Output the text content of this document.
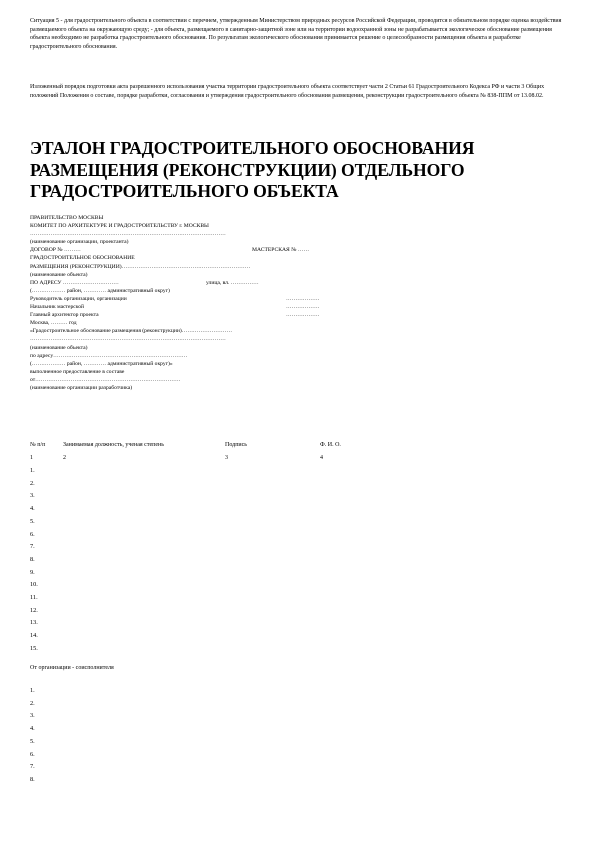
Ситуация 5 - для градостроительного объекта в соответствии с перечнем, утвержденным Министерством природных ресурсов Российской Федерации, проводится в обязательном порядке оценка воздействия размещаемого объекта на окружающую среду; - для объекта, размещаемого в санитарно-защитной зоне или на территории водоохранной зоны не разрабатывается экологическое обоснование размещения объекта необходимо не разработка градостроительного обоснования. По результатам экологического обоснования принимается решение о целесообразности размещения объекта и разработке градостроительного обоснования.

Изложенный порядок подготовки акта разрешенного использования участка территории градостроительного объекта соответствует части 2 Статьи 61 Градостроительного Кодекса РФ и части 3 Общих положений Положения о составе, порядке разработки, согласования и утверждения градостроительного обоснования размещения, реконструкции градостроительного объекта № 838-ППМ от 13.08.02.

ЭТАЛОН ГРАДОСТРОИТЕЛЬНОГО ОБОСНОВАНИЯ РАЗМЕЩЕНИЯ (РЕКОНСТРУКЦИИ) ОТДЕЛЬНОГО ГРАДОСТРОИТЕЛЬНОГО ОБЪЕКТА
ПРАВИТЕЛЬСТВО МОСКВЫ
КОМИТЕТ ПО АРХИТЕКТУРЕ И ГРАДОСТРОИТЕЛЬСТВУ г. МОСКВЫ
……………………………………………………………………………………………
(наименование организации, проектанта)
ДОГОВОР № ………	МАСТЕРСКАЯ № ……
ГРАДОСТРОИТЕЛЬНОЕ ОБОСНОВАНИЕ
РАЗМЕЩЕНИЯ (РЕКОНСТРУКЦИИ)……………………………………………………………
(наименование объекта)
ПО АДРЕСУ …………………………	улица, вл. ……………
(……………… район, ………… административный округ)
Руководитель организации, организации	………………
Начальник мастерской	………………
Главный архитектор проекта	………………
Москва, ……… год
«Градостроительное обоснование размещения (реконструкции)………………………
……………………………………………………………………………………………
(наименование объекта)
по адресу………………………………………………………………
(……………… район, ………… административный округ)»
выполненное предоставление в составе
от……………………………………………………………………
(наименование организации разработчика)
№ п/п	Занимаемая должность, ученая степень	Подпись	Ф. И. О.
1	2	3	4
1.
2.
3.
4.
5.
6.
7.
8.
9.
10.
11.
12.
13.
14.
15.
От организации - соисполнителя
1.
2.
3.
4.
5.
6.
7.
8.
